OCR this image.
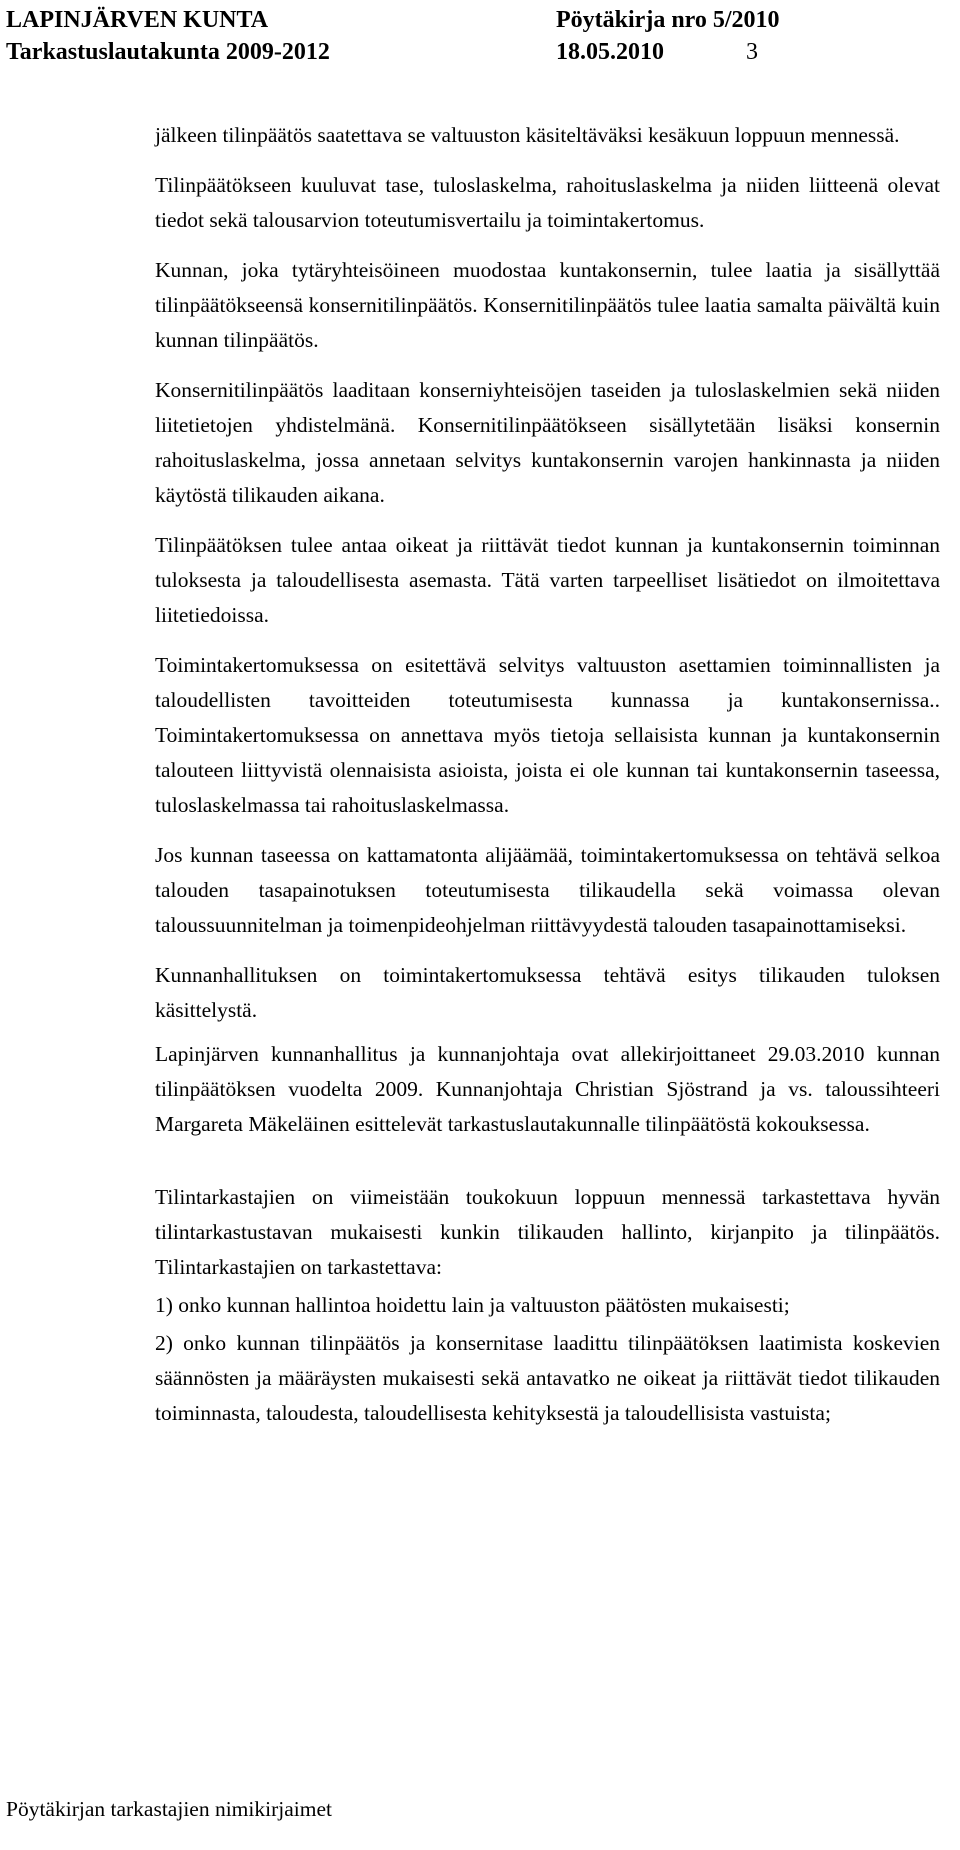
LAPINJÄRVEN KUNTA	Pöytäkirja nro 5/2010
Tarkastuslautakunta 2009-2012	18.05.2010	3

jälkeen tilinpäätös saatettava se valtuuston käsiteltäväksi kesäkuun loppuun mennessä.

Tilinpäätökseen kuuluvat tase, tuloslaskelma, rahoituslaskelma ja niiden liitteenä olevat tiedot sekä talousarvion toteutumisvertailu ja toimintakertomus.

Kunnan, joka tytäryhteisöineen muodostaa kuntakonsernin, tulee laatia ja sisällyttää tilinpäätökseensä konsernitilinpäätös. Konsernitilinpäätös tulee laatia samalta päivältä kuin kunnan tilinpäätös.

Konsernitilinpäätös laaditaan konserniyhteisöjen taseiden ja tuloslaskelmien sekä niiden liitetietojen yhdistelmänä. Konsernitilinpäätökseen sisällytetään lisäksi konsernin rahoituslaskelma, jossa annetaan selvitys kuntakonsernin varojen hankinnasta ja niiden käytöstä tilikauden aikana.

Tilinpäätöksen tulee antaa oikeat ja riittävät tiedot kunnan ja kuntakonsernin toiminnan tuloksesta ja taloudellisesta asemasta. Tätä varten tarpeelliset lisätiedot on ilmoitettava liitetiedoissa.

Toimintakertomuksessa on esitettävä selvitys valtuuston asettamien toiminnallisten ja taloudellisten tavoitteiden toteutumisesta kunnassa ja kuntakonsernissa.. Toimintakertomuksessa on annettava myös tietoja sellaisista kunnan ja kuntakonsernin talouteen liittyvistä olennaisista asioista, joista ei ole kunnan tai kuntakonsernin taseessa, tuloslaskelmassa tai rahoituslaskelmassa.

Jos kunnan taseessa on kattamatonta alijäämää, toimintakertomuksessa on tehtävä selkoa talouden tasapainotuksen toteutumisesta tilikaudella sekä voimassa olevan taloussuunnitelman ja toimenpideohjelman riittävyydestä talouden tasapainottamiseksi.

Kunnanhallituksen on toimintakertomuksessa tehtävä esitys tilikauden tuloksen käsittelystä.

Lapinjärven kunnanhallitus ja kunnanjohtaja ovat allekirjoittaneet 29.03.2010 kunnan tilinpäätöksen vuodelta 2009. Kunnanjohtaja Christian Sjöstrand ja vs. taloussihteeri Margareta Mäkeläinen esittelevät tarkastuslautakunnalle tilinpäätöstä kokouksessa.

Tilintarkastajien on viimeistään toukokuun loppuun mennessä tarkastettava hyvän tilintarkastustavan mukaisesti kunkin tilikauden hallinto, kirjanpito ja tilinpäätös. Tilintarkastajien on tarkastettava:

1) onko kunnan hallintoa hoidettu lain ja valtuuston päätösten mukaisesti;

2) onko kunnan tilinpäätös ja konsernitase laadittu tilinpäätöksen laatimista koskevien säännösten ja määräysten mukaisesti sekä antavatko ne oikeat ja riittävät tiedot tilikauden toiminnasta, taloudesta, taloudellisesta kehityksestä ja taloudellisista vastuista;

Pöytäkirjan tarkastajien nimikirjaimet
